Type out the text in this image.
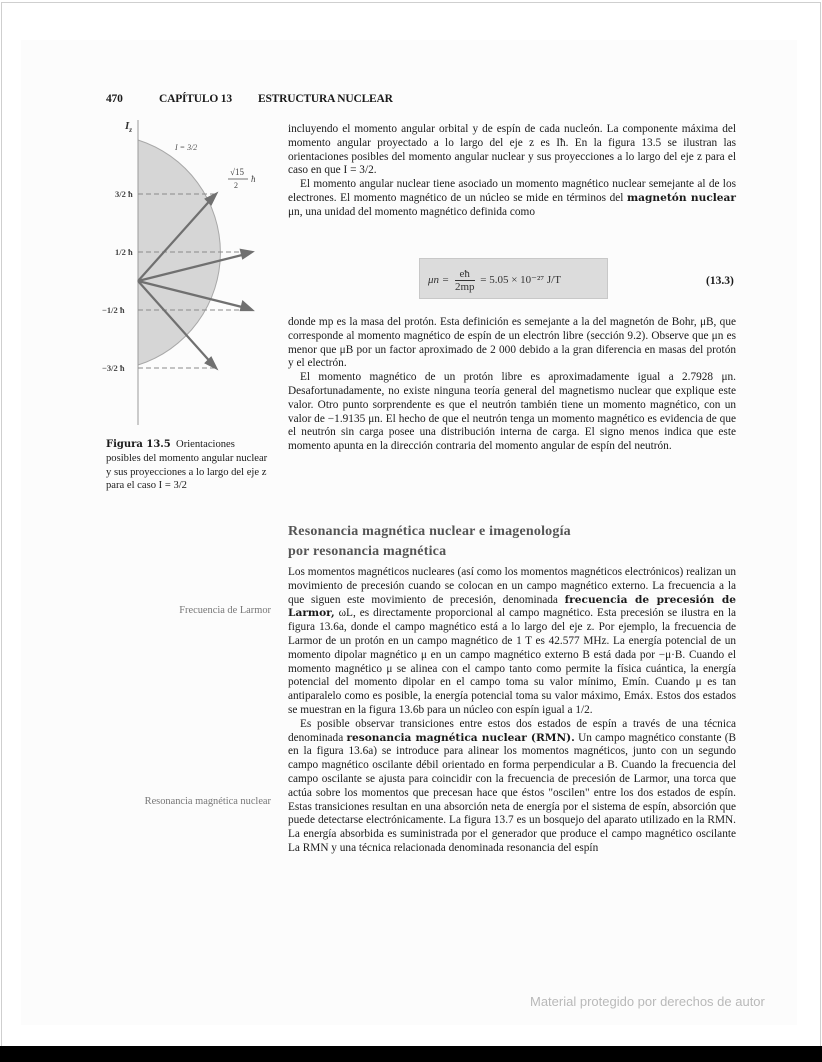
470	CAPÍTULO 13 ESTRUCTURA NUCLEAR
$I_z$
I = 3/2
√15
2
ħ
3/2 ħ
1/2 ħ
−1/2 ħ
−3/2 ħ
Figura 13.5 Orientaciones posibles del momento angular nuclear y sus proyecciones a lo largo del eje z para el caso I = 3/2

incluyendo el momento angular orbital y de espín de cada nucleón. La componente máxima del momento angular proyectado a lo largo del eje z es Iħ. En la figura 13.5 se ilustran las orientaciones posibles del momento angular nuclear y sus proyecciones a lo largo del eje z para el caso en que I = 3/2.

El momento angular nuclear tiene asociado un momento magnético nuclear semejante al de los electrones. El momento magnético de un núcleo se mide en términos del magnetón nuclear μn, una unidad del momento magnético definida como

$\mu n = \frac{eħ}{2mp} = 5.05 \times 10^{-27}$ J/T	(13.3)

donde mp es la masa del protón. Esta definición es semejante a la del magnetón de Bohr, μB, que corresponde al momento magnético de espín de un electrón libre (sección 9.2). Observe que μn es menor que μB por un factor aproximado de 2 000 debido a la gran diferencia en masas del protón y el electrón.

El momento magnético de un protón libre es aproximadamente igual a 2.7928 μn. Desafortunadamente, no existe ninguna teoría general del magnetismo nuclear que explique este valor. Otro punto sorprendente es que el neutrón también tiene un momento magnético, con un valor de −1.9135 μn. El hecho de que el neutrón tenga un momento magnético es evidencia de que el neutrón sin carga posee una distribución interna de carga. El signo menos indica que este momento apunta en la dirección contraria del momento angular de espín del neutrón.

Resonancia magnética nuclear e imagenología
por resonancia magnética

Los momentos magnéticos nucleares (así como los momentos magnéticos electrónicos) realizan un movimiento de precesión cuando se colocan en un campo magnético externo. La frecuencia a la que siguen este movimiento de precesión, denominada frecuencia de precesión de Larmor, ωL, es directamente proporcional al campo magnético. Esta precesión se ilustra en la figura 13.6a, donde el campo magnético está a lo largo del eje z. Por ejemplo, la frecuencia de Larmor de un protón en un campo magnético de 1 T es 42.577 MHz. La energía potencial de un momento dipolar magnético μ en un campo magnético externo B está dada por −μ·B. Cuando el momento magnético μ se alinea con el campo tanto como permite la física cuántica, la energía potencial del momento dipolar en el campo toma su valor mínimo, Emín. Cuando μ es tan antiparalelo como es posible, la energía potencial toma su valor máximo, Emáx. Estos dos estados se muestran en la figura 13.6b para un núcleo con espín igual a 1/2.

Es posible observar transiciones entre estos dos estados de espín a través de una técnica denominada resonancia magnética nuclear (RMN). Un campo magnético constante (B en la figura 13.6a) se introduce para alinear los momentos magnéticos, junto con un segundo campo magnético oscilante débil orientado en forma perpendicular a B. Cuando la frecuencia del campo oscilante se ajusta para coincidir con la frecuencia de precesión de Larmor, una torca que actúa sobre los momentos que precesan hace que éstos "oscilen" entre los dos estados de espín. Estas transiciones resultan en una absorción neta de energía por el sistema de espín, absorción que puede detectarse electrónicamente. La figura 13.7 es un bosquejo del aparato utilizado en la RMN. La energía absorbida es suministrada por el generador que produce el campo magnético oscilante La RMN y una técnica relacionada denominada resonancia del espín

Frecuencia de Larmor
Resonancia magnética nuclear
Material protegido por derechos de autor
